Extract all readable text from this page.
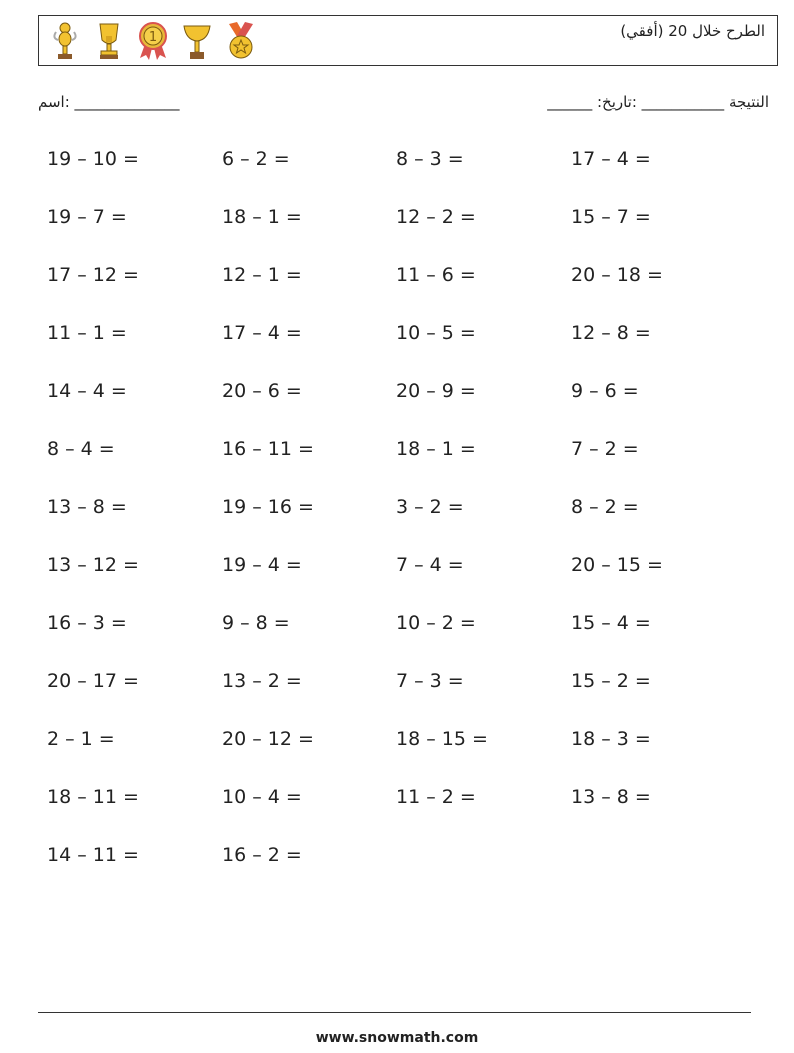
1	الطرح خلال 20 (أفقي)
اسم: ______________	النتيجة ___________ :تاريخ: ______
19 – 10 =	6 – 2 =	8 – 3 =	17 – 4 =
19 – 7 =	18 – 1 =	12 – 2 =	15 – 7 =
17 – 12 =	12 – 1 =	11 – 6 =	20 – 18 =
11 – 1 =	17 – 4 =	10 – 5 =	12 – 8 =
14 – 4 =	20 – 6 =	20 – 9 =	9 – 6 =
8 – 4 =	16 – 11 =	18 – 1 =	7 – 2 =
13 – 8 =	19 – 16 =	3 – 2 =	8 – 2 =
13 – 12 =	19 – 4 =	7 – 4 =	20 – 15 =
16 – 3 =	9 – 8 =	10 – 2 =	15 – 4 =
20 – 17 =	13 – 2 =	7 – 3 =	15 – 2 =
2 – 1 =	20 – 12 =	18 – 15 =	18 – 3 =
18 – 11 =	10 – 4 =	11 – 2 =	13 – 8 =
14 – 11 =	16 – 2 =
www.snowmath.com
